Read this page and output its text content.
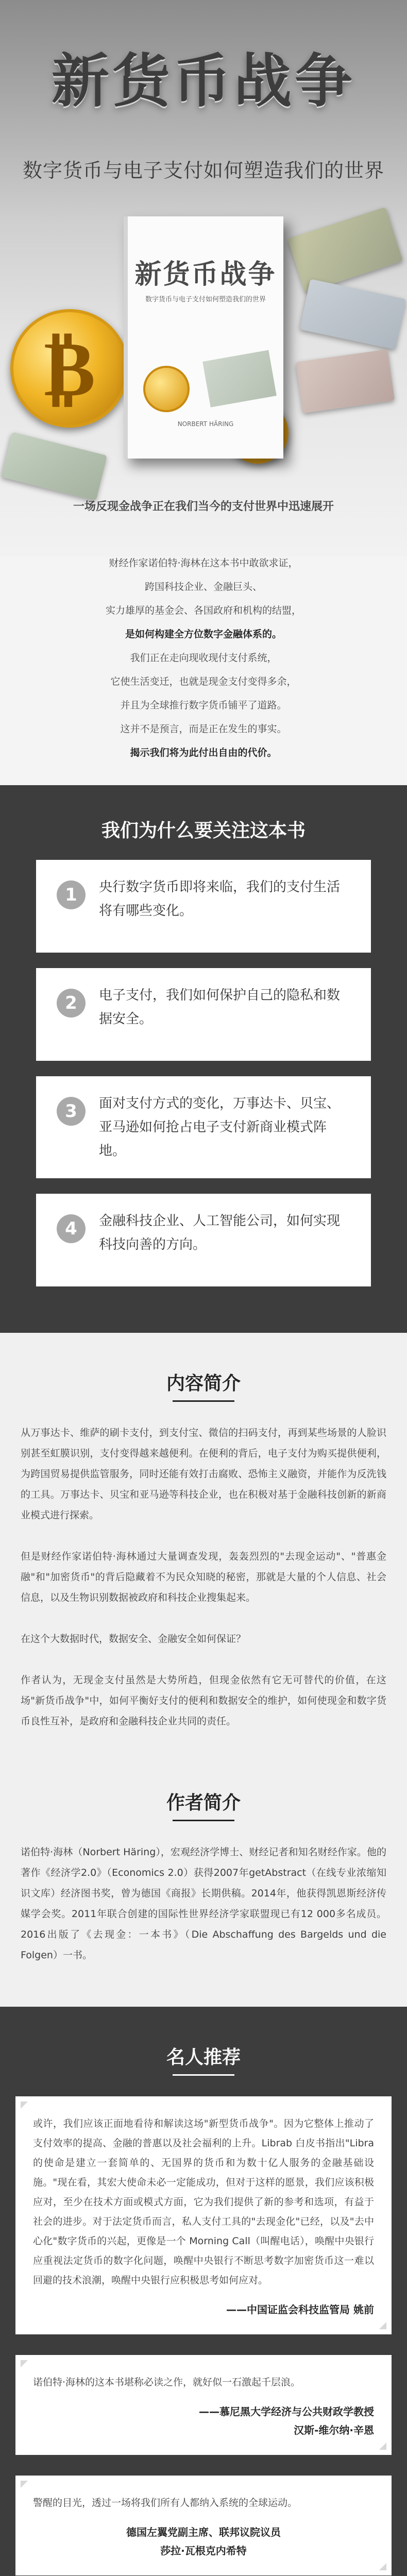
新货币战争
数字货币与电子支付如何塑造我们的世界
₿
新货币战争
数字货币与电子支付如何塑造我们的世界
NORBERT HÄRING
一场反现金战争正在我们当今的支付世界中迅速展开

财经作家诺伯特·海林在这本书中敢欲求证，

跨国科技企业、金融巨头、

实力雄厚的基金会、各国政府和机构的结盟，

是如何构建全方位数字金融体系的。

我们正在走向现收现付支付系统，

它使生活变迁，也就是现金支付变得多余，

并且为全球推行数字货币铺平了道路。

这并不是预言，而是正在发生的事实。

揭示我们将为此付出自由的代价。

我们为什么要关注这本书
1	央行数字货币即将来临，我们的支付生活将有哪些变化。
2	电子支付，我们如何保护自己的隐私和数据安全。
3	面对支付方式的变化，万事达卡、贝宝、亚马逊如何抢占电子支付新商业模式阵地。
4	金融科技企业、人工智能公司，如何实现科技向善的方向。
内容简介

从万事达卡、维萨的刷卡支付，到支付宝、微信的扫码支付，再到某些场景的人脸识别甚至虹膜识别，支付变得越来越便利。在便利的背后，电子支付为购买提供便利，为跨国贸易提供监管服务，同时还能有效打击腐败、恐怖主义融资，并能作为反洗钱的工具。万事达卡、贝宝和亚马逊等科技企业，也在积极对基于金融科技创新的新商业模式进行探索。

但是财经作家诺伯特·海林通过大量调查发现，轰轰烈烈的"去现金运动"、"普惠金融"和"加密货币"的背后隐藏着不为民众知晓的秘密，那就是大量的个人信息、社会信息，以及生物识别数据被政府和科技企业搜集起来。

在这个大数据时代，数据安全、金融安全如何保证？

作者认为，无现金支付虽然是大势所趋，但现金依然有它无可替代的价值，在这场"新货币战争"中，如何平衡好支付的便利和数据安全的维护，如何使现金和数字货币良性互补，是政府和金融科技企业共同的责任。

作者简介

诺伯特·海林（Norbert Häring），宏观经济学博士、财经记者和知名财经作家。他的著作《经济学2.0》（Economics 2.0）获得2007年getAbstract（在线专业浓缩知识文库）经济图书奖，曾为德国《商报》长期供稿。2014年，他获得凯恩斯经济传媒学会奖。2011年联合创建的国际性世界经济学家联盟现已有12 000多名成员。2016出版了《去现金：一本书》（Die Abschaffung des Bargelds und die Folgen）一书。

名人推荐

或许，我们应该正面地看待和解读这场"新型货币战争"。因为它整体上推动了支付效率的提高、金融的普惠以及社会福利的上升。Librab 白皮书指出"Libra 的使命是建立一套简单的、无国界的货币和为数十亿人服务的金融基础设施。"现在看，其宏大使命未必一定能成功，但对于这样的愿景，我们应该积极应对，至少在技术方面或模式方面，它为我们提供了新的参考和选项，有益于社会的进步。对于法定货币而言，私人支付工具的"去现金化"已经，以及"去中心化"数字货币的兴起，更像是一个 Morning Call（叫醒电话），唤醒中央银行应重视法定货币的数字化问题，唤醒中央银行不断思考数字加密货币这一难以回避的技术浪潮，唤醒中央银行应积极思考如何应对。

——中国证监会科技监管局 姚前

诺伯特·海林的这本书堪称必读之作，就好似一石激起千层浪。

——慕尼黑大学经济与公共财政学教授
汉斯-维尔纳·辛恩

警醒的目光，透过一场将我们所有人都纳入系统的全球运动。

德国左翼党副主席、联邦议院议员
莎拉·瓦根克内希特
